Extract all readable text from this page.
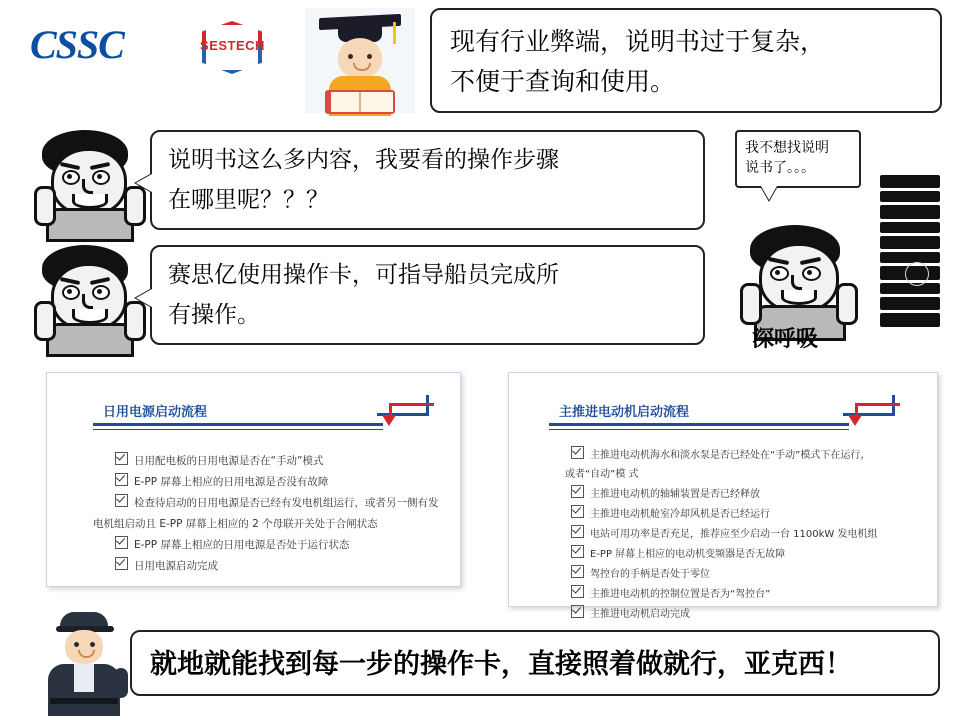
CSSC	SESTECH	现有行业弊端，说明书过于复杂，
不便于查询和使用。
说明书这么多内容，我要看的操作步骤
在哪里呢？？？
我不想找说明
说书了。。。
赛思亿使用操作卡，可指导船员完成所
有操作。
深呼吸
日用电源启动流程
日用配电板的日用电源是否在“手动”模式
E-PP 屏幕上相应的日用电源是否没有故障
检查待启动的日用电源是否已经有发电机组运行，或者另一侧有发
电机组启动且 E-PP 屏幕上相应的 2 个母联开关处于合闸状态
E-PP 屏幕上相应的日用电源是否处于运行状态
日用电源启动完成
主推进电动机启动流程
主推进电动机海水和淡水泵是否已经处在“手动”模式下在运行，
或者“自动”模 式
主推进电动机的轴辅装置是否已经释放
主推进电动机舱室冷却风机是否已经运行
电站可用功率是否充足，推荐应至少启动一台 1100kW 发电机组
E-PP 屏幕上相应的电动机变频器是否无故障
驾控台的手柄是否处于零位
主推进电动机的控制位置是否为“驾控台”
主推进电动机启动完成
就地就能找到每一步的操作卡，直接照着做就行，亚克西！
